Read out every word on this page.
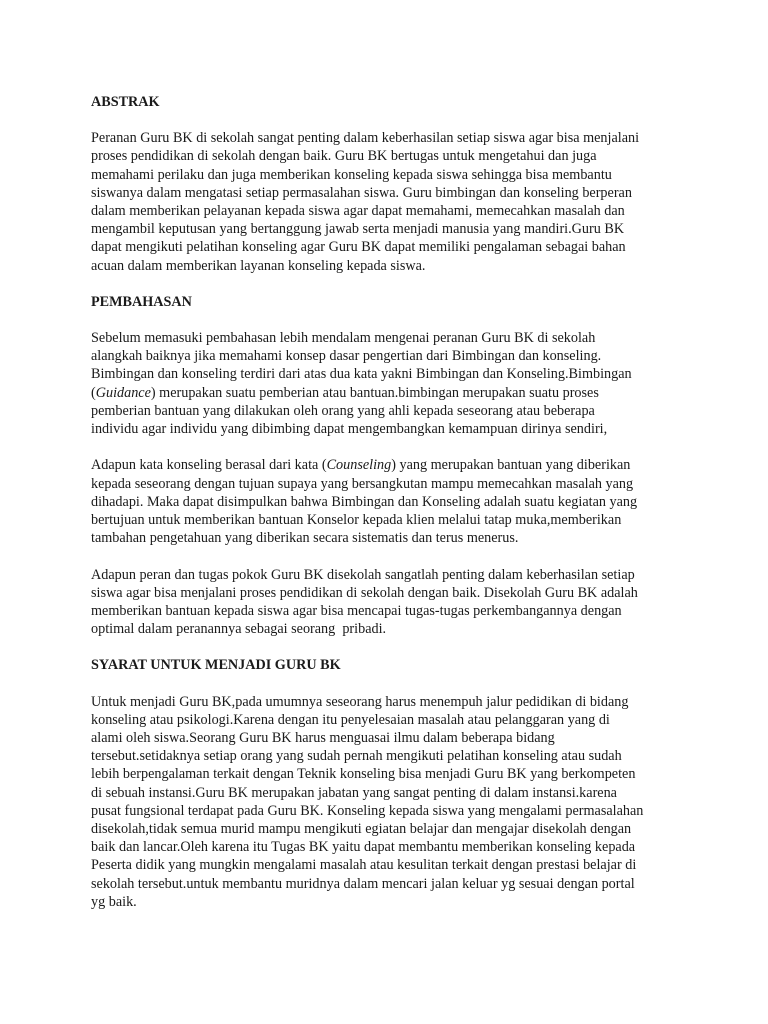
ABSTRAK

Peranan Guru BK di sekolah sangat penting dalam keberhasilan setiap siswa agar bisa menjalani

proses pendidikan di sekolah dengan baik. Guru BK bertugas untuk mengetahui dan juga

memahami perilaku dan juga memberikan konseling kepada siswa sehingga bisa membantu

siswanya dalam mengatasi setiap permasalahan siswa. Guru bimbingan dan konseling berperan

dalam memberikan pelayanan kepada siswa agar dapat memahami, memecahkan masalah dan

mengambil keputusan yang bertanggung jawab serta menjadi manusia yang mandiri.Guru BK

dapat mengikuti pelatihan konseling agar Guru BK dapat memiliki pengalaman sebagai bahan

acuan dalam memberikan layanan konseling kepada siswa.

PEMBAHASAN

Sebelum memasuki pembahasan lebih mendalam mengenai peranan Guru BK di sekolah

alangkah baiknya jika memahami konsep dasar pengertian dari Bimbingan dan konseling.

Bimbingan dan konseling terdiri dari atas dua kata yakni Bimbingan dan Konseling.Bimbingan

(Guidance) merupakan suatu pemberian atau bantuan.bimbingan merupakan suatu proses

pemberian bantuan yang dilakukan oleh orang yang ahli kepada seseorang atau beberapa

individu agar individu yang dibimbing dapat mengembangkan kemampuan dirinya sendiri,

Adapun kata konseling berasal dari kata (Counseling) yang merupakan bantuan yang diberikan

kepada seseorang dengan tujuan supaya yang bersangkutan mampu memecahkan masalah yang

dihadapi. Maka dapat disimpulkan bahwa Bimbingan dan Konseling adalah suatu kegiatan yang

bertujuan untuk memberikan bantuan Konselor kepada klien melalui tatap muka,memberikan

tambahan pengetahuan yang diberikan secara sistematis dan terus menerus.

Adapun peran dan tugas pokok Guru BK disekolah sangatlah penting dalam keberhasilan setiap

siswa agar bisa menjalani proses pendidikan di sekolah dengan baik. Disekolah Guru BK adalah

memberikan bantuan kepada siswa agar bisa mencapai tugas-tugas perkembangannya dengan

optimal dalam peranannya sebagai seorang  pribadi.

SYARAT UNTUK MENJADI GURU BK

Untuk menjadi Guru BK,pada umumnya seseorang harus menempuh jalur pedidikan di bidang

konseling atau psikologi.Karena dengan itu penyelesaian masalah atau pelanggaran yang di

alami oleh siswa.Seorang Guru BK harus menguasai ilmu dalam beberapa bidang

tersebut.setidaknya setiap orang yang sudah pernah mengikuti pelatihan konseling atau sudah

lebih berpengalaman terkait dengan Teknik konseling bisa menjadi Guru BK yang berkompeten

di sebuah instansi.Guru BK merupakan jabatan yang sangat penting di dalam instansi.karena

pusat fungsional terdapat pada Guru BK. Konseling kepada siswa yang mengalami permasalahan

disekolah,tidak semua murid mampu mengikuti egiatan belajar dan mengajar disekolah dengan

baik dan lancar.Oleh karena itu Tugas BK yaitu dapat membantu memberikan konseling kepada

Peserta didik yang mungkin mengalami masalah atau kesulitan terkait dengan prestasi belajar di

sekolah tersebut.untuk membantu muridnya dalam mencari jalan keluar yg sesuai dengan portal

yg baik.
